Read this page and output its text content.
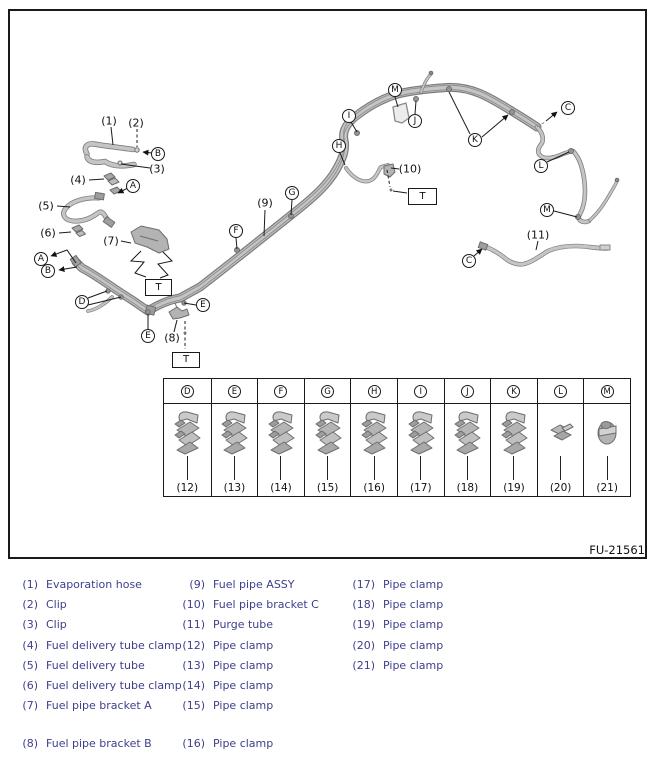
B
A
A
B
D	E
E
F
G
H
I
M
J
K
C
L
M
C
(1) (2)
(3)
(4)
(5)
(6)
(7)
(8)
(9)
(10)
(11)
T
T
T
D	E	F	G	H	I	J	K	L	M
(12) (13) (14) (15) (16) (17) (18) (19) (20) (21)
FU-21561
(1) Evaporation hose
(2) Clip
(3) Clip
(4) Fuel delivery tube clamp
(5) Fuel delivery tube
(6) Fuel delivery tube clamp
(7) Fuel pipe bracket A
(8) Fuel pipe bracket B
(9) Fuel pipe ASSY
(10) Fuel pipe bracket C
(11) Purge tube
(12) Pipe clamp
(13) Pipe clamp
(14) Pipe clamp
(15) Pipe clamp
(16) Pipe clamp
(17) Pipe clamp
(18) Pipe clamp
(19) Pipe clamp
(20) Pipe clamp
(21) Pipe clamp
